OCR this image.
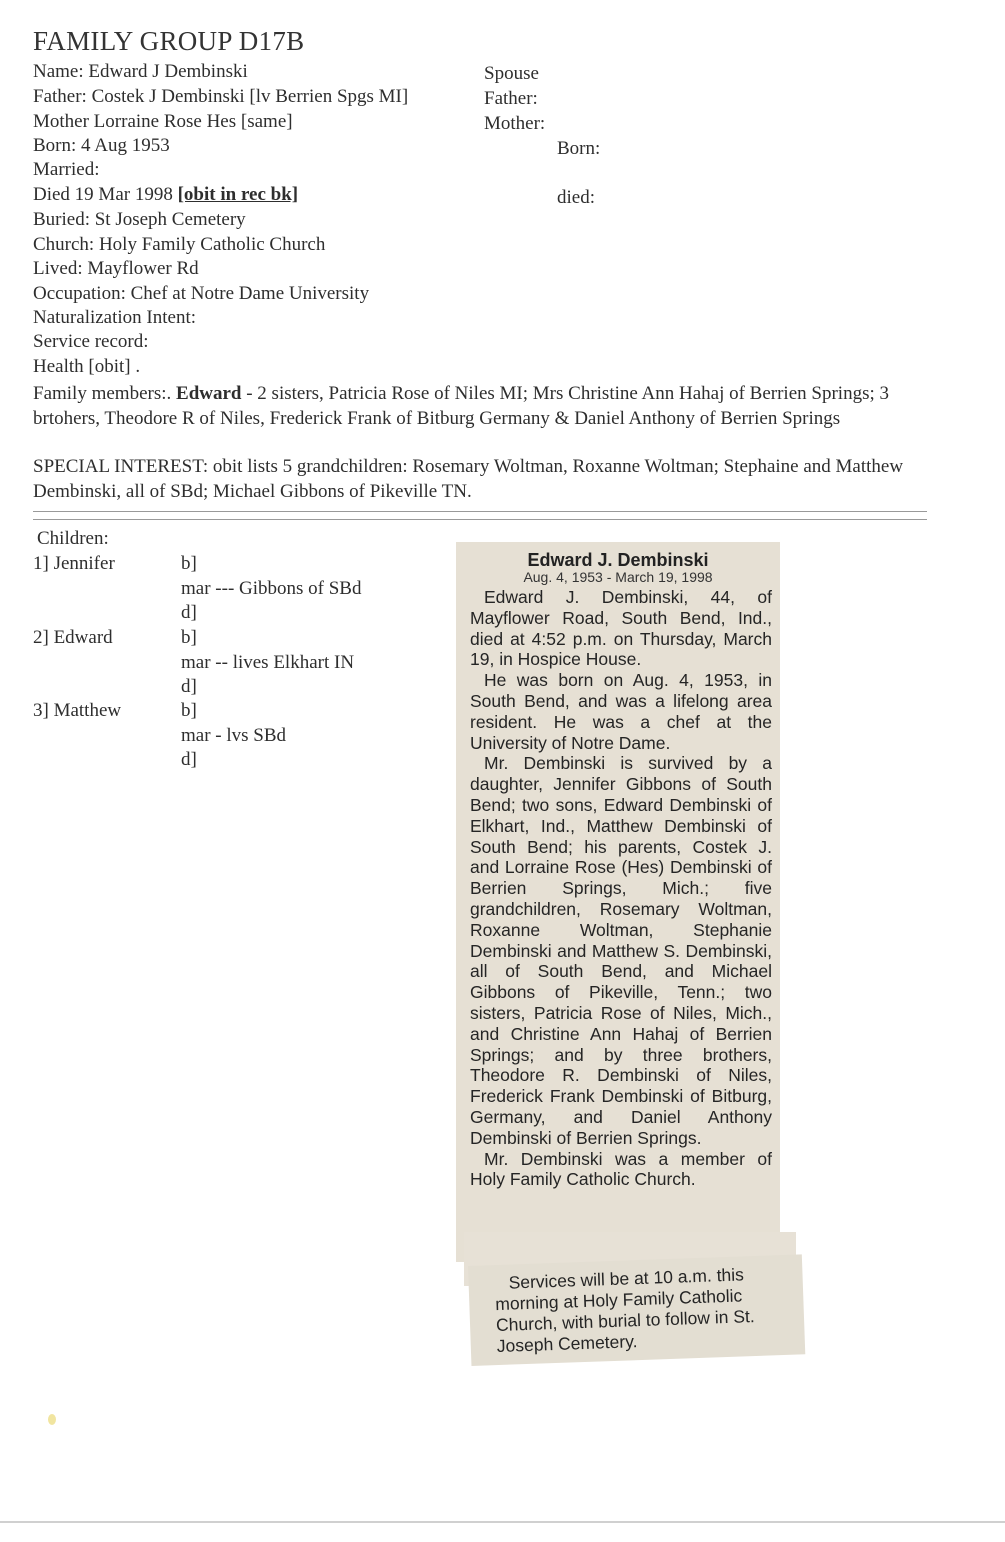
FAMILY GROUP D17B
Name: Edward J Dembinski
Father: Costek J Dembinski [lv Berrien Spgs MI]
Mother Lorraine Rose Hes [same]
Born: 4 Aug 1953
Married:
Died 19 Mar 1998 [obit in rec bk]
Buried: St Joseph Cemetery
Church: Holy Family Catholic Church
Lived: Mayflower Rd
Occupation: Chef at Notre Dame University
Naturalization Intent:
Service record:
Health [obit] .
Spouse
Father:
Mother:
Born:
died:
Family members:. Edward - 2 sisters, Patricia Rose of Niles MI; Mrs Christine Ann Hahaj of Berrien Springs; 3 brtohers, Theodore R of Niles, Frederick Frank of Bitburg Germany & Daniel Anthony of Berrien Springs
SPECIAL INTEREST: obit lists 5 grandchildren: Rosemary Woltman, Roxanne Woltman; Stephaine and Matthew Dembinski, all of SBd; Michael Gibbons of Pikeville TN.
Children:
1] Jennifer	b]
mar --- Gibbons of SBd
d]
2] Edward	b]
mar -- lives Elkhart IN
d]
3] Matthew	b]
mar - lvs SBd
d]
Edward J. Dembinski
Aug. 4, 1953 - March 19, 1998

Edward J. Dembinski, 44, of Mayflower Road, South Bend, Ind., died at 4:52 p.m. on Thursday, March 19, in Hospice House.

He was born on Aug. 4, 1953, in South Bend, and was a lifelong area resident. He was a chef at the University of Notre Dame.

Mr. Dembinski is survived by a daughter, Jennifer Gibbons of South Bend; two sons, Edward Dembinski of Elkhart, Ind., Matthew Dembinski of South Bend; his parents, Costek J. and Lorraine Rose (Hes) Dembinski of Berrien Springs, Mich.; five grandchildren, Rosemary Woltman, Roxanne Woltman, Stephanie Dembinski and Matthew S. Dembinski, all of South Bend, and Michael Gibbons of Pikeville, Tenn.; two sisters, Patricia Rose of Niles, Mich., and Christine Ann Hahaj of Berrien Springs; and by three brothers, Theodore R. Dembinski of Niles, Frederick Frank Dembinski of Bitburg, Germany, and Daniel Anthony Dembinski of Berrien Springs.

Mr. Dembinski was a member of Holy Family Catholic Church.

Services will be at 10 a.m. this morning at Holy Family Catholic Church, with burial to follow in St. Joseph Cemetery.
